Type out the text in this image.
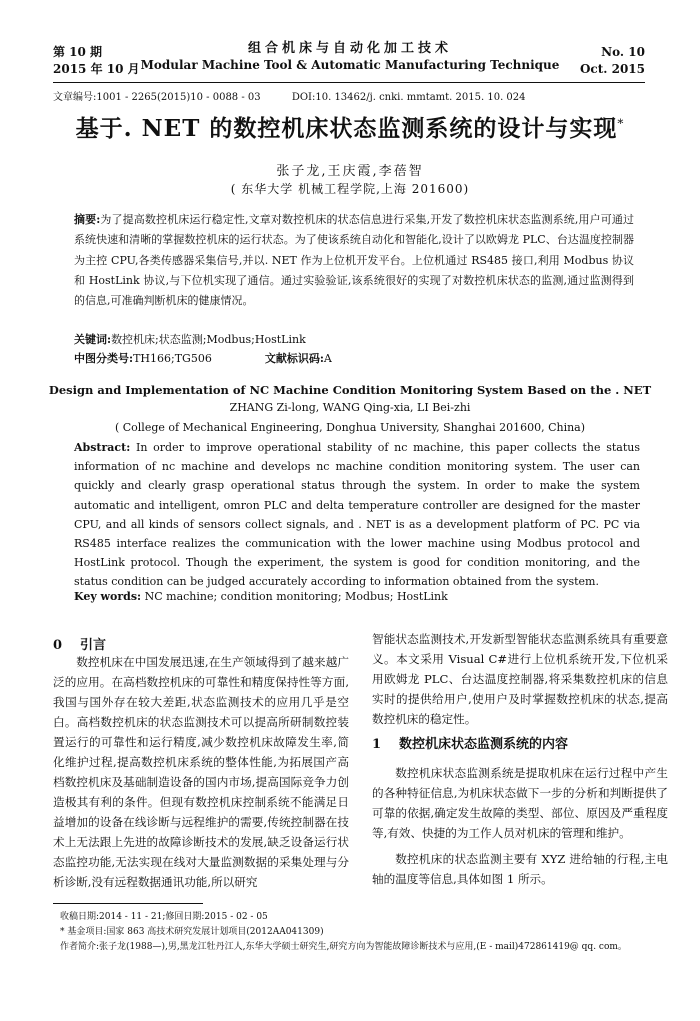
第 10 期
2015 年 10 月
组合机床与自动化加工技术
Modular Machine Tool & Automatic Manufacturing Technique
No. 10
Oct. 2015
文章编号:1001 - 2265(2015)10 - 0088 - 03	DOI:10. 13462/j. cnki. mmtamt. 2015. 10. 024
基于. NET 的数控机床状态监测系统的设计与实现*
张子龙,王庆霞,李蓓智
( 东华大学 机械工程学院,上海 201600)
摘要:为了提高数控机床运行稳定性,文章对数控机床的状态信息进行采集,开发了数控机床状态监测系统,用户可通过系统快速和清晰的掌握数控机床的运行状态。为了使该系统自动化和智能化,设计了以欧姆龙 PLC、台达温度控制器为主控 CPU,各类传感器采集信号,并以. NET 作为上位机开发平台。上位机通过 RS485 接口,利用 Modbus 协议和 HostLink 协议,与下位机实现了通信。通过实验验证,该系统很好的实现了对数控机床状态的监测,通过监测得到的信息,可准确判断机床的健康情况。
关键词:数控机床;状态监测;Modbus;HostLink
中图分类号:TH166;TG506	文献标识码:A
Design and Implementation of NC Machine Condition Monitoring System Based on the . NET
ZHANG Zi-long, WANG Qing-xia, LI Bei-zhi
( College of Mechanical Engineering, Donghua University, Shanghai 201600, China)
Abstract: In order to improve operational stability of nc machine, this paper collects the status information of nc machine and develops nc machine condition monitoring system. The user can quickly and clearly grasp operational status through the system. In order to make the system automatic and intelligent, omron PLC and delta temperature controller are designed for the master CPU, and all kinds of sensors collect signals, and . NET is as a development platform of PC. PC via RS485 interface realizes the communication with the lower machine using Modbus protocol and HostLink protocol. Though the experiment, the system is good for condition monitoring, and the status condition can be judged accurately according to information obtained from the system.
Key words: NC machine; condition monitoring; Modbus; HostLink
0 引言

数控机床在中国发展迅速,在生产领域得到了越来越广泛的应用。在高档数控机床的可靠性和精度保持性等方面,我国与国外存在较大差距,状态监测技术的应用几乎是空白。高档数控机床的状态监测技术可以提高所研制数控装置运行的可靠性和运行精度,减少数控机床故障发生率,简化维护过程,提高数控机床系统的整体性能,为拓展国产高档数控机床及基础制造设备的国内市场,提高国际竞争力创造极其有利的条件。但现有数控机床控制系统不能满足日益增加的设备在线诊断与远程维护的需要,传统控制器在技术上无法跟上先进的故障诊断技术的发展,缺乏设备运行状态监控功能,无法实现在线对大量监测数据的采集处理与分析诊断,没有远程数据通讯功能,所以研究

智能状态监测技术,开发新型智能状态监测系统具有重要意义。本文采用 Visual C#进行上位机系统开发,下位机采用欧姆龙 PLC、台达温度控制器,将采集数控机床的信息实时的提供给用户,使用户及时掌握数控机床的状态,提高数控机床的稳定性。

1 数控机床状态监测系统的内容

数控机床状态监测系统是提取机床在运行过程中产生的各种特征信息,为机床状态做下一步的分析和判断提供了可靠的依据,确定发生故障的类型、部位、原因及严重程度等,有效、快捷的为工作人员对机床的管理和维护。

数控机床的状态监测主要有 XYZ 进给轴的行程,主电轴的温度等信息,具体如图 1 所示。

收稿日期:2014 - 11 - 21;修回日期:2015 - 02 - 05
* 基金项目:国家 863 高技术研究发展计划项目(2012AA041309)
作者简介:张子龙(1988—),男,黑龙江牡丹江人,东华大学硕士研究生,研究方向为智能故障诊断技术与应用,(E - mail)472861419@ qq. com。
